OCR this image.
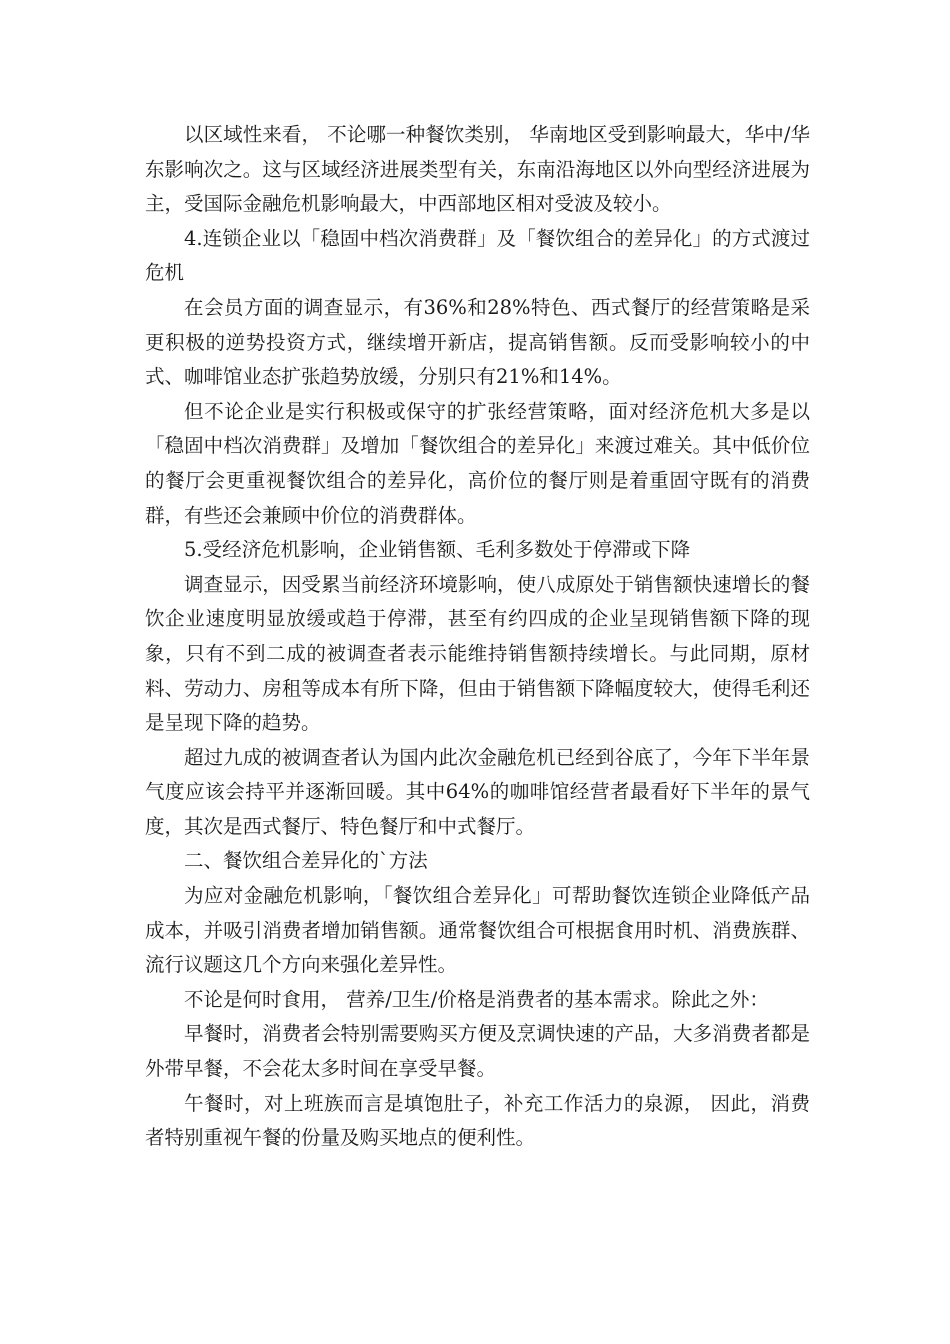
以区域性来看， 不论哪一种餐饮类别， 华南地区受到影响最大，华中/华东影响次之。这与区域经济进展类型有关，东南沿海地区以外向型经济进展为主，受国际金融危机影响最大，中西部地区相对受波及较小。

4.连锁企业以「稳固中档次消费群」及「餐饮组合的差异化」的方式渡过危机

在会员方面的调查显示，有36%和28%特色、西式餐厅的经营策略是采更积极的逆势投资方式，继续增开新店，提高销售额。反而受影响较小的中式、咖啡馆业态扩张趋势放缓，分别只有21%和14%。

但不论企业是实行积极或保守的扩张经营策略，面对经济危机大多是以「稳固中档次消费群」及增加「餐饮组合的差异化」来渡过难关。其中低价位的餐厅会更重视餐饮组合的差异化，高价位的餐厅则是着重固守既有的消费群，有些还会兼顾中价位的消费群体。

5.受经济危机影响，企业销售额、毛利多数处于停滞或下降

调查显示，因受累当前经济环境影响，使八成原处于销售额快速增长的餐饮企业速度明显放缓或趋于停滞，甚至有约四成的企业呈现销售额下降的现象，只有不到二成的被调查者表示能维持销售额持续增长。与此同期，原材料、劳动力、房租等成本有所下降，但由于销售额下降幅度较大，使得毛利还是呈现下降的趋势。

超过九成的被调查者认为国内此次金融危机已经到谷底了，今年下半年景气度应该会持平并逐渐回暖。其中64%的咖啡馆经营者最看好下半年的景气度，其次是西式餐厅、特色餐厅和中式餐厅。

二、餐饮组合差异化的`方法

为应对金融危机影响，「餐饮组合差异化」可帮助餐饮连锁企业降低产品成本，并吸引消费者增加销售额。通常餐饮组合可根据食用时机、消费族群、流行议题这几个方向来强化差异性。

不论是何时食用， 营养/卫生/价格是消费者的基本需求。除此之外：

早餐时，消费者会特别需要购买方便及烹调快速的产品，大多消费者都是外带早餐，不会花太多时间在享受早餐。

午餐时，对上班族而言是填饱肚子，补充工作活力的泉源， 因此，消费者特别重视午餐的份量及购买地点的便利性。
